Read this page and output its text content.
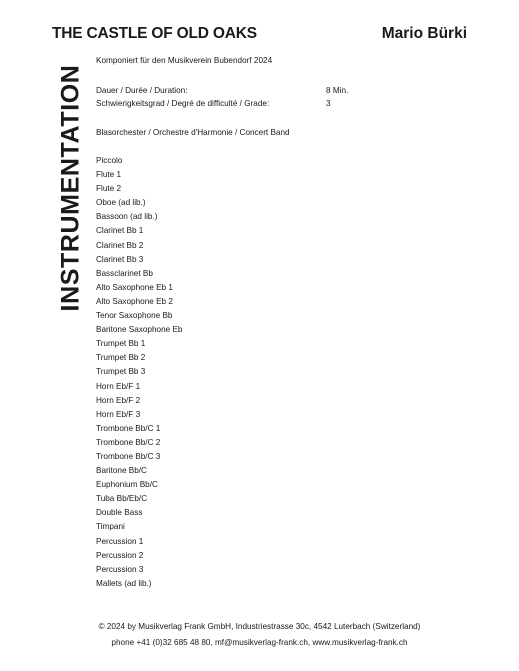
THE CASTLE OF OLD OAKS	Mario Bürki
INSTRUMENTATION
Komponiert für den Musikverein Bubendorf 2024
Dauer / Durée / Duration:	8 Min.
Schwierigkeitsgrad / Degré de difficulté / Grade:	3
Blasorchester / Orchestre d'Harmonie / Concert Band
Piccolo
Flute 1
Flute 2
Oboe (ad lib.)
Bassoon (ad lib.)
Clarinet Bb 1
Clarinet Bb 2
Clarinet Bb 3
Bassclarinet Bb
Alto Saxophone Eb 1
Alto Saxophone Eb 2
Tenor Saxophone Bb
Baritone Saxophone Eb
Trumpet Bb 1
Trumpet Bb 2
Trumpet Bb 3
Horn Eb/F 1
Horn Eb/F 2
Horn Eb/F 3
Trombone Bb/C 1
Trombone Bb/C 2
Trombone Bb/C 3
Baritone Bb/C
Euphonium Bb/C
Tuba Bb/Eb/C
Double Bass
Timpani
Percussion 1
Percussion 2
Percussion 3
Mallets (ad lib.)
© 2024 by Musikverlag Frank GmbH, Industriestrasse 30c, 4542 Luterbach (Switzerland)
phone +41 (0)32 685 48 80, mf@musikverlag-frank.ch, www.musikverlag-frank.ch
